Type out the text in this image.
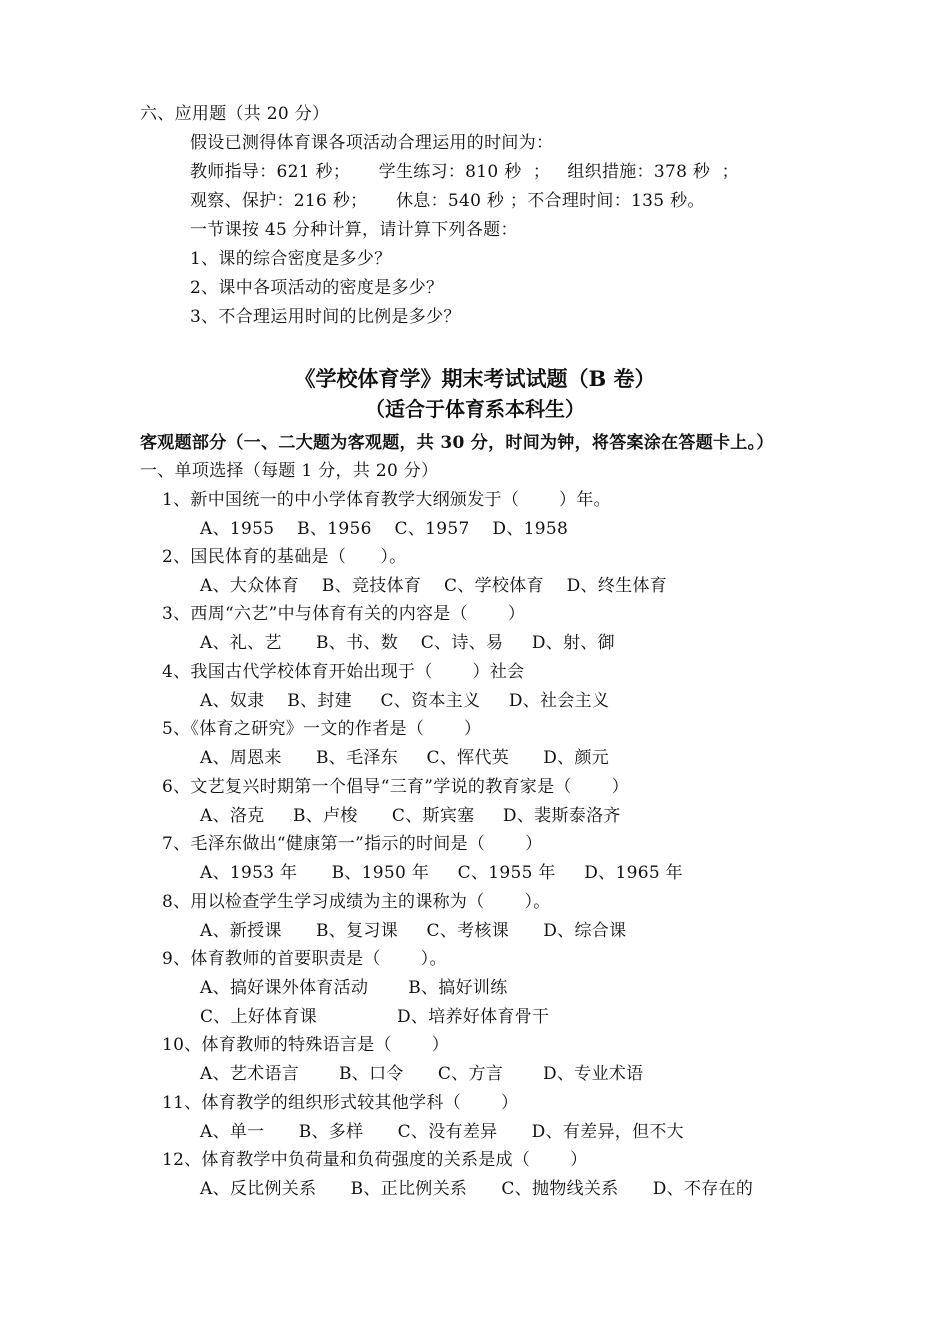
六、应用题（共 20 分）
假设已测得体育课各项活动合理运用的时间为：
教师指导：621 秒；     学生练习：810 秒  ；   组织措施：378 秒  ；
观察、保护：216 秒；     休息：540 秒 ；不合理时间：135 秒。
一节课按 45 分种计算，请计算下列各题：
1、课的综合密度是多少？
2、课中各项活动的密度是多少？
3、不合理运用时间的比例是多少？
《学校体育学》期末考试试题（B 卷）
（适合于体育系本科生）
客观题部分（一、二大题为客观题，共 30 分，时间为钟，将答案涂在答题卡上。）
一、单项选择（每题 1 分，共 20 分）
1、新中国统一的中小学体育教学大纲颁发于（       ）年。
A、1955    B、1956    C、1957    D、1958
2、国民体育的基础是（      ）。
A、大众体育    B、竞技体育    C、学校体育    D、终生体育
3、西周“六艺”中与体育有关的内容是（       ）
A、礼、艺      B、书、数    C、诗、易     D、射、御
4、我国古代学校体育开始出现于（       ）社会
A、奴隶    B、封建     C、资本主义     D、社会主义
5、《体育之研究》一文的作者是（       ）
A、周恩来      B、毛泽东     C、恽代英      D、颜元
6、文艺复兴时期第一个倡导“三育”学说的教育家是（       ）
A、洛克     B、卢梭      C、斯宾塞     D、裴斯泰洛齐
7、毛泽东做出“健康第一”指示的时间是（       ）
A、1953 年      B、1950 年     C、1955 年     D、1965 年
8、用以检查学生学习成绩为主的课称为（       ）。
A、新授课      B、复习课     C、考核课      D、综合课
9、体育教师的首要职责是（       ）。
A、搞好课外体育活动       B、搞好训练
C、上好体育课              D、培养好体育骨干
10、体育教师的特殊语言是（       ）
A、艺术语言       B、口令      C、方言       D、专业术语
11、体育教学的组织形式较其他学科（       ）
A、单一      B、多样      C、没有差异      D、有差异，但不大
12、体育教学中负荷量和负荷强度的关系是成（       ）
A、反比例关系      B、正比例关系      C、抛物线关系      D、不存在的
